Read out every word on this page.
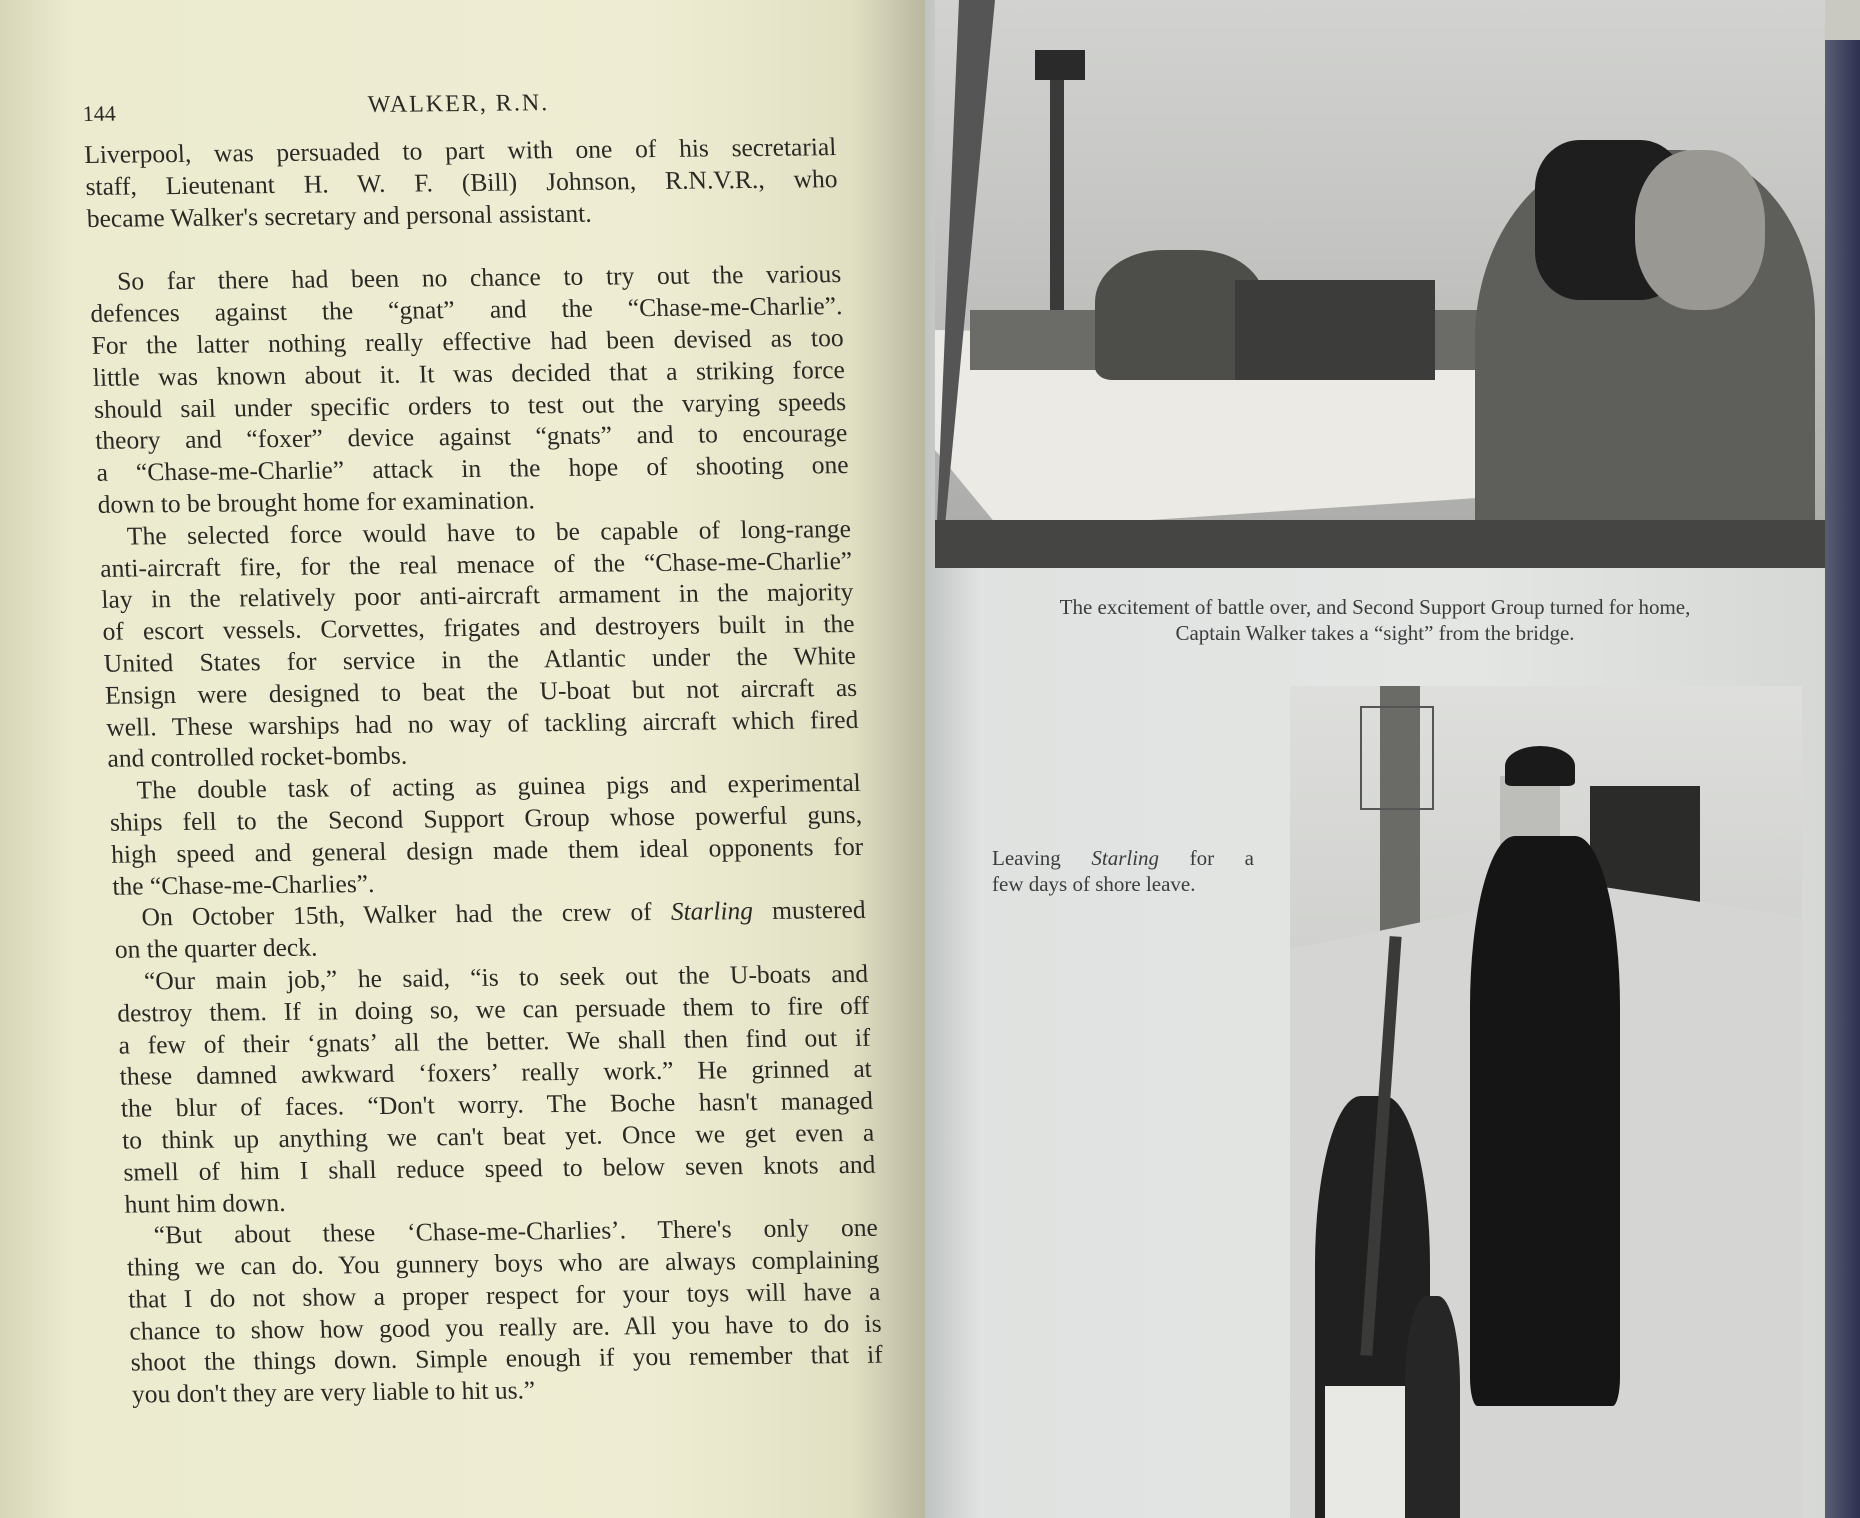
144	WALKER, R.N.
Liverpool, was persuaded to part with one of his secretarial
staff, Lieutenant H. W. F. (Bill) Johnson, R.N.V.R., who
became Walker's secretary and personal assistant.
So far there had been no chance to try out the various
defences against the “gnat” and the “Chase-me-Charlie”.
For the latter nothing really effective had been devised as too
little was known about it. It was decided that a striking force
should sail under specific orders to test out the varying speeds
theory and “foxer” device against “gnats” and to encourage
a “Chase-me-Charlie” attack in the hope of shooting one
down to be brought home for examination.
The selected force would have to be capable of long-range
anti-aircraft fire, for the real menace of the “Chase-me-Charlie”
lay in the relatively poor anti-aircraft armament in the majority
of escort vessels. Corvettes, frigates and destroyers built in the
United States for service in the Atlantic under the White
Ensign were designed to beat the U-boat but not aircraft as
well. These warships had no way of tackling aircraft which fired
and controlled rocket-bombs.
The double task of acting as guinea pigs and experimental
ships fell to the Second Support Group whose powerful guns,
high speed and general design made them ideal opponents for
the “Chase-me-Charlies”.
On October 15th, Walker had the crew of Starling mustered
on the quarter deck.
“Our main job,” he said, “is to seek out the U-boats and
destroy them. If in doing so, we can persuade them to fire off
a few of their ‘gnats’ all the better. We shall then find out if
these damned awkward ‘foxers’ really work.” He grinned at
the blur of faces. “Don't worry. The Boche hasn't managed
to think up anything we can't beat yet. Once we get even a
smell of him I shall reduce speed to below seven knots and
hunt him down.
“But about these ‘Chase-me-Charlies’. There's only one
thing we can do. You gunnery boys who are always complaining
that I do not show a proper respect for your toys will have a
chance to show how good you really are. All you have to do is
shoot the things down. Simple enough if you remember that if
you don't they are very liable to hit us.”
The excitement of battle over, and Second Support Group turned for home,
Captain Walker takes a “sight” from the bridge.
Leaving Starling for a
few days of shore leave.
